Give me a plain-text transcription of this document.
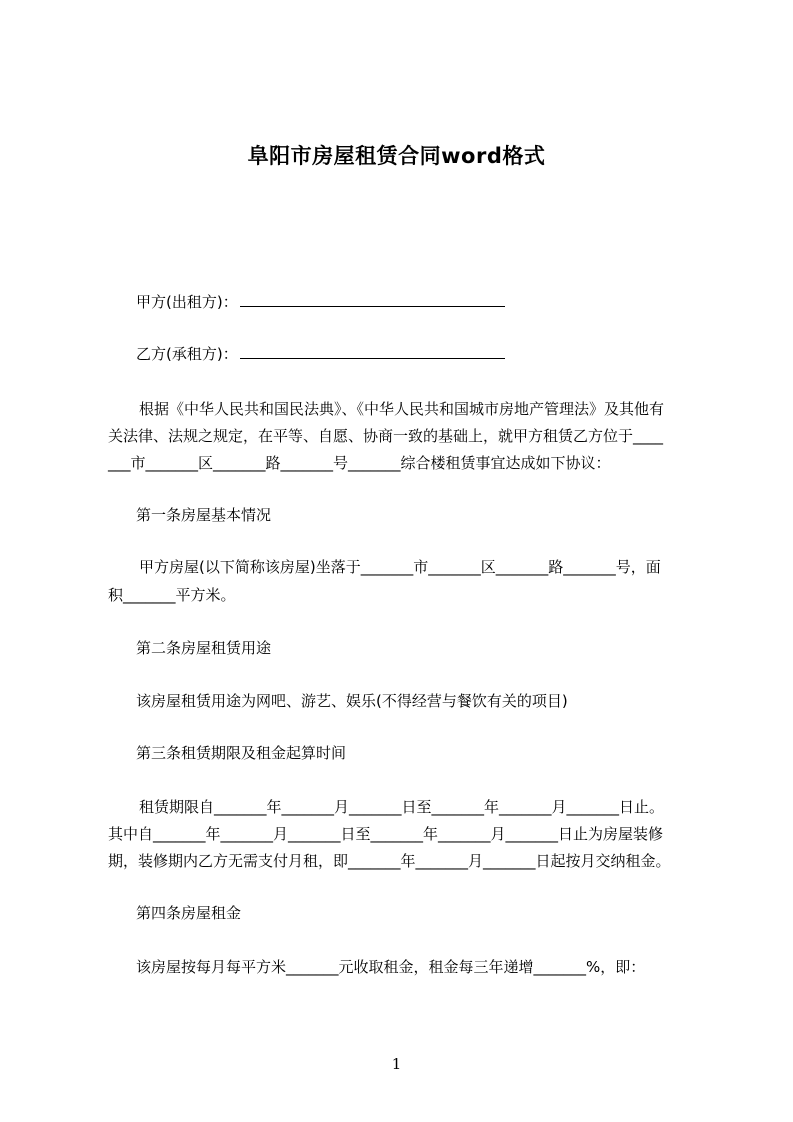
阜阳市房屋租赁合同word格式
甲方(出租方)：
乙方(承租方)：
根据《中华人民共和国民法典》、《中华人民共和国城市房地产管理法》及其他有
关法律、法规之规定，在平等、自愿、协商一致的基础上，就甲方租赁乙方位于____
___市_______区_______路_______号_______综合楼租赁事宜达成如下协议：
第一条房屋基本情况
甲方房屋(以下简称该房屋)坐落于_______市_______区_______路_______号，面
积_______平方米。
第二条房屋租赁用途
该房屋租赁用途为网吧、游艺、娱乐(不得经营与餐饮有关的项目)
第三条租赁期限及租金起算时间
租赁期限自_______年_______月_______日至_______年_______月_______日止。
其中自_______年_______月_______日至_______年_______月_______日止为房屋装修
期，装修期内乙方无需支付月租，即_______年_______月_______日起按月交纳租金。
第四条房屋租金
该房屋按每月每平方米_______元收取租金，租金每三年递增_______%，即：
1
